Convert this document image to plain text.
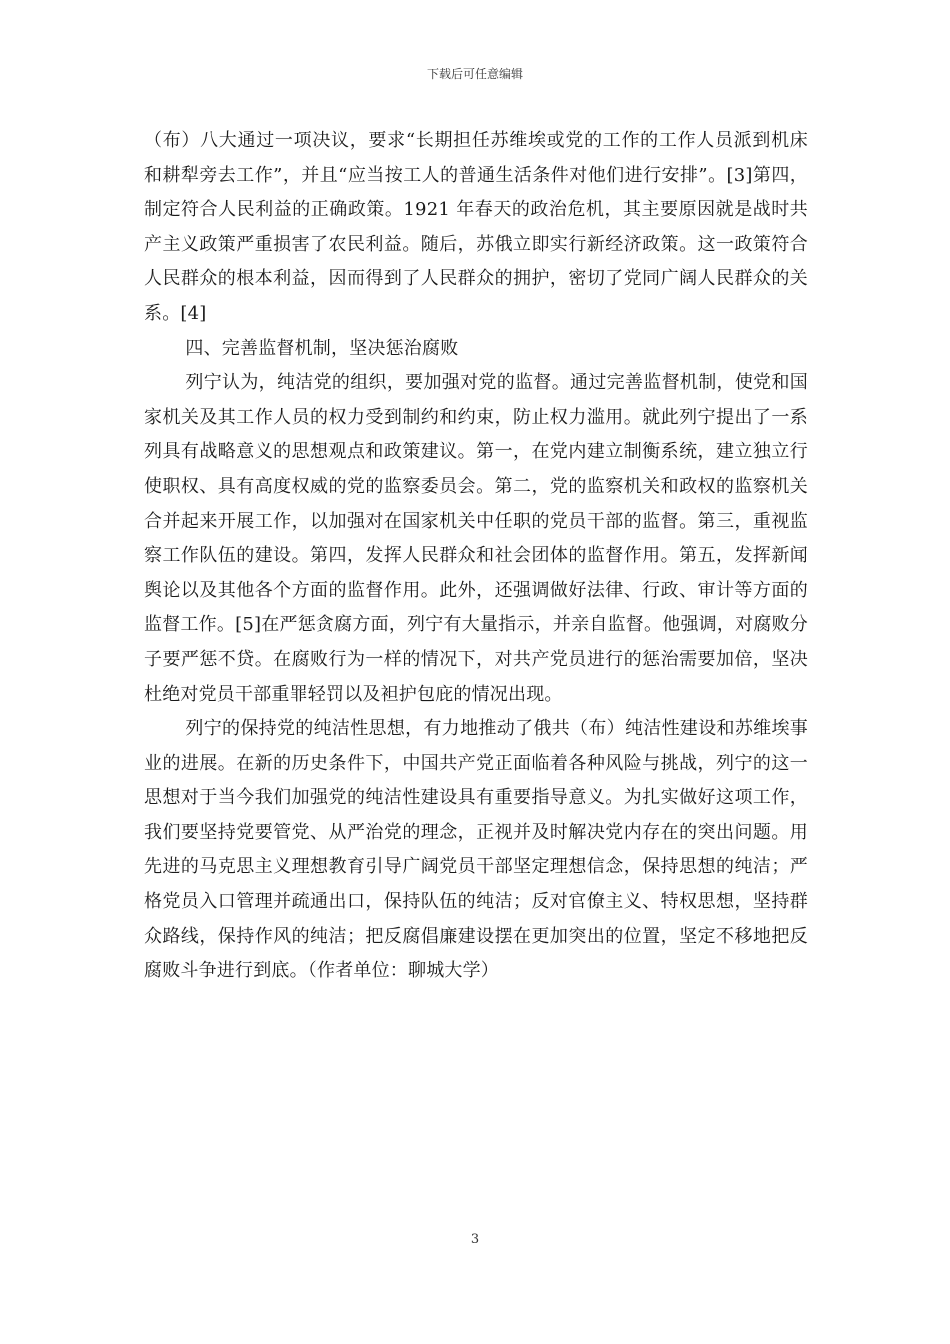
下载后可任意编辑

（布）八大通过一项决议，要求“长期担任苏维埃或党的工作的工作人员派到机床和耕犁旁去工作”，并且“应当按工人的普通生活条件对他们进行安排”。[3]第四，制定符合人民利益的正确政策。1921 年春天的政治危机，其主要原因就是战时共产主义政策严重损害了农民利益。随后，苏俄立即实行新经济政策。这一政策符合人民群众的根本利益，因而得到了人民群众的拥护，密切了党同广阔人民群众的关系。[4]

四、完善监督机制，坚决惩治腐败

列宁认为，纯洁党的组织，要加强对党的监督。通过完善监督机制，使党和国家机关及其工作人员的权力受到制约和约束，防止权力滥用。就此列宁提出了一系列具有战略意义的思想观点和政策建议。第一，在党内建立制衡系统，建立独立行使职权、具有高度权威的党的监察委员会。第二，党的监察机关和政权的监察机关合并起来开展工作，以加强对在国家机关中任职的党员干部的监督。第三，重视监察工作队伍的建设。第四，发挥人民群众和社会团体的监督作用。第五，发挥新闻舆论以及其他各个方面的监督作用。此外，还强调做好法律、行政、审计等方面的监督工作。[5]在严惩贪腐方面，列宁有大量指示，并亲自监督。他强调，对腐败分子要严惩不贷。在腐败行为一样的情况下，对共产党员进行的惩治需要加倍，坚决杜绝对党员干部重罪轻罚以及袒护包庇的情况出现。

列宁的保持党的纯洁性思想，有力地推动了俄共（布）纯洁性建设和苏维埃事业的进展。在新的历史条件下，中国共产党正面临着各种风险与挑战，列宁的这一思想对于当今我们加强党的纯洁性建设具有重要指导意义。为扎实做好这项工作，我们要坚持党要管党、从严治党的理念，正视并及时解决党内存在的突出问题。用先进的马克思主义理想教育引导广阔党员干部坚定理想信念，保持思想的纯洁；严格党员入口管理并疏通出口，保持队伍的纯洁；反对官僚主义、特权思想，坚持群众路线，保持作风的纯洁；把反腐倡廉建设摆在更加突出的位置，坚定不移地把反腐败斗争进行到底。（作者单位：聊城大学）

3
